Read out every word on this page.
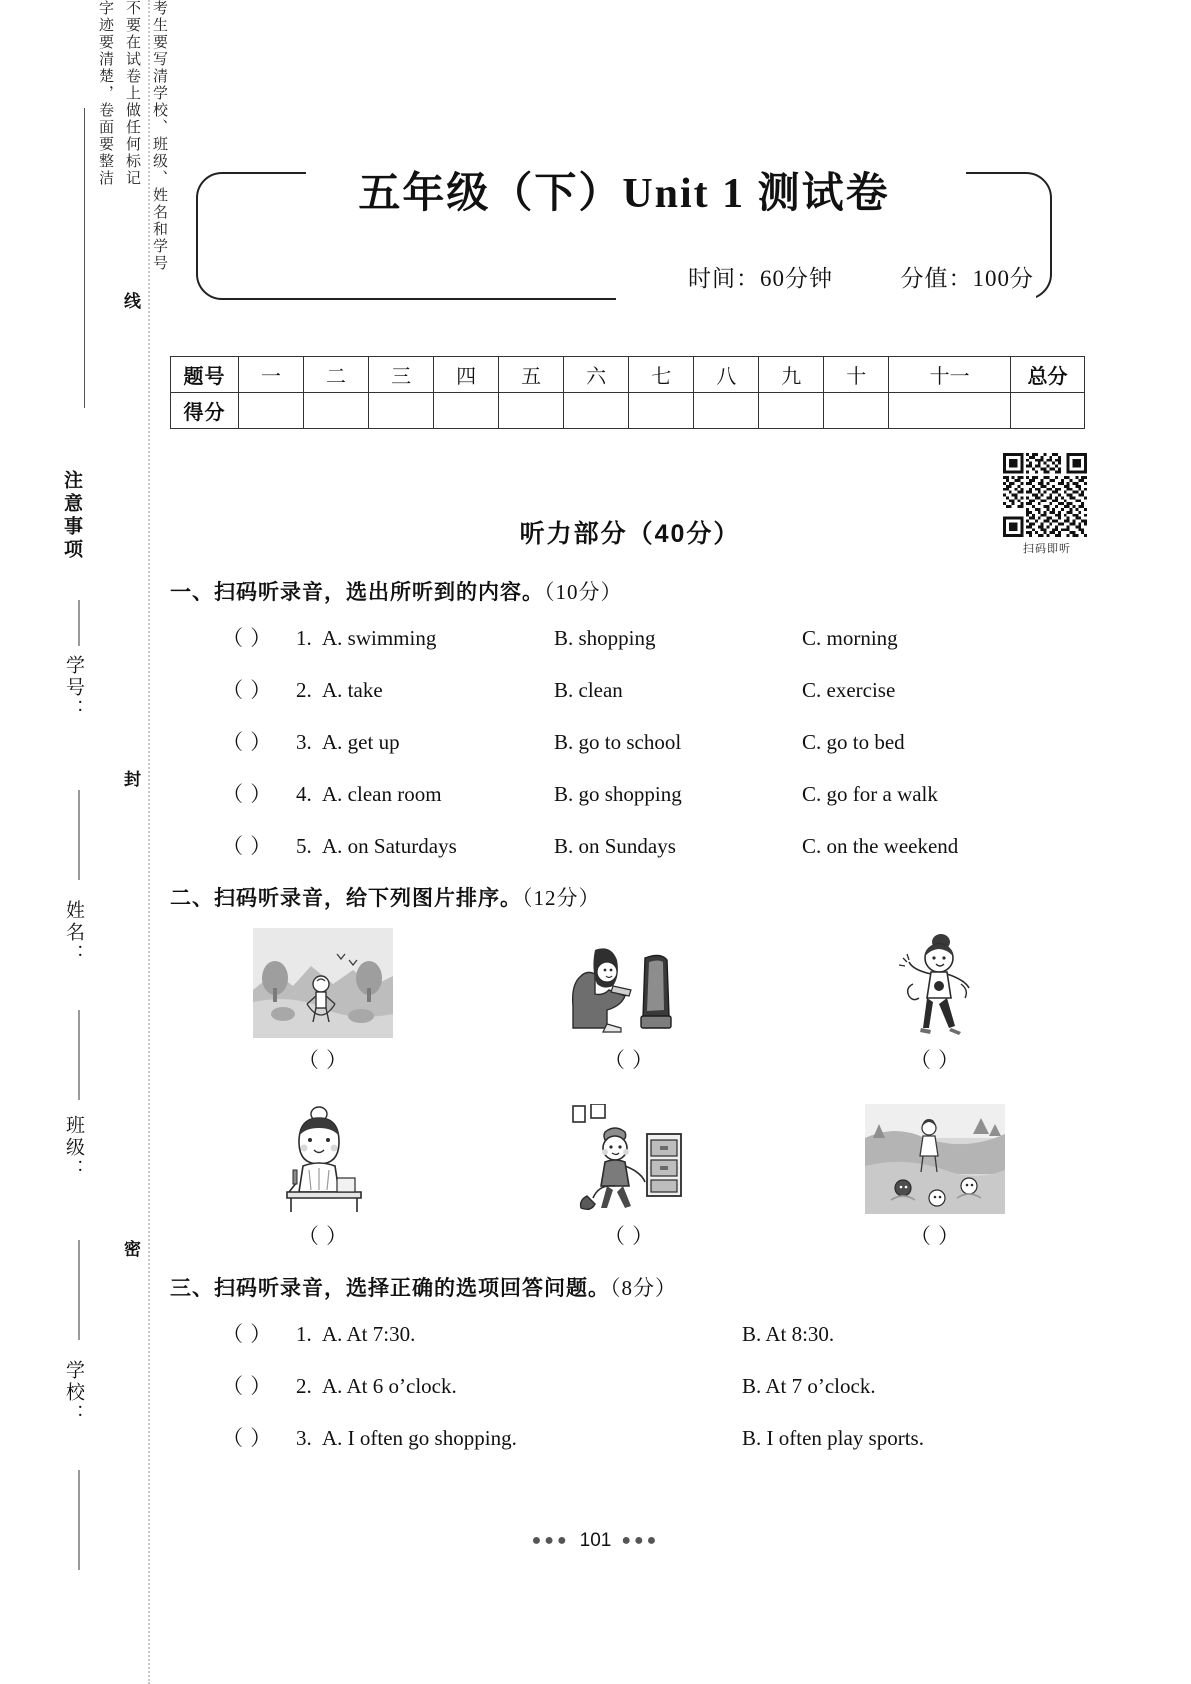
注意事项
考生要写清学校、班级、姓名和学号
不要在试卷上做任何标记
字迹要清楚，卷面要整洁
线
封
密
学号：
姓名：
班级：
学校：
五年级（下）Unit 1 测试卷
时间：60分钟	分值：100分
题号	一	二	三	四	五	六	七	八	九	十	十一	总分
得分												
扫码即听
听力部分（40分）
一、扫码听录音，选出所听到的内容。（10分）
（ ）	1. A. swimming	B. shopping	C. morning
（ ）	2. A. take	B. clean	C. exercise
（ ）	3. A. get up	B. go to school	C. go to bed
（ ）	4. A. clean room	B. go shopping	C. go for a walk
（ ）	5. A. on Saturdays	B. on Sundays	C. on the weekend
二、扫码听录音，给下列图片排序。（12分）
（ ）	（ ）	（ ）
（ ）	（ ）	（ ）
三、扫码听录音，选择正确的选项回答问题。（8分）
（ ）	1. A. At 7:30.	B. At 8:30.
（ ）	2. A. At 6 o’clock.	B. At 7 o’clock.
（ ）	3. A. I often go shopping.	B. I often play sports.
●●● 101 ●●●
